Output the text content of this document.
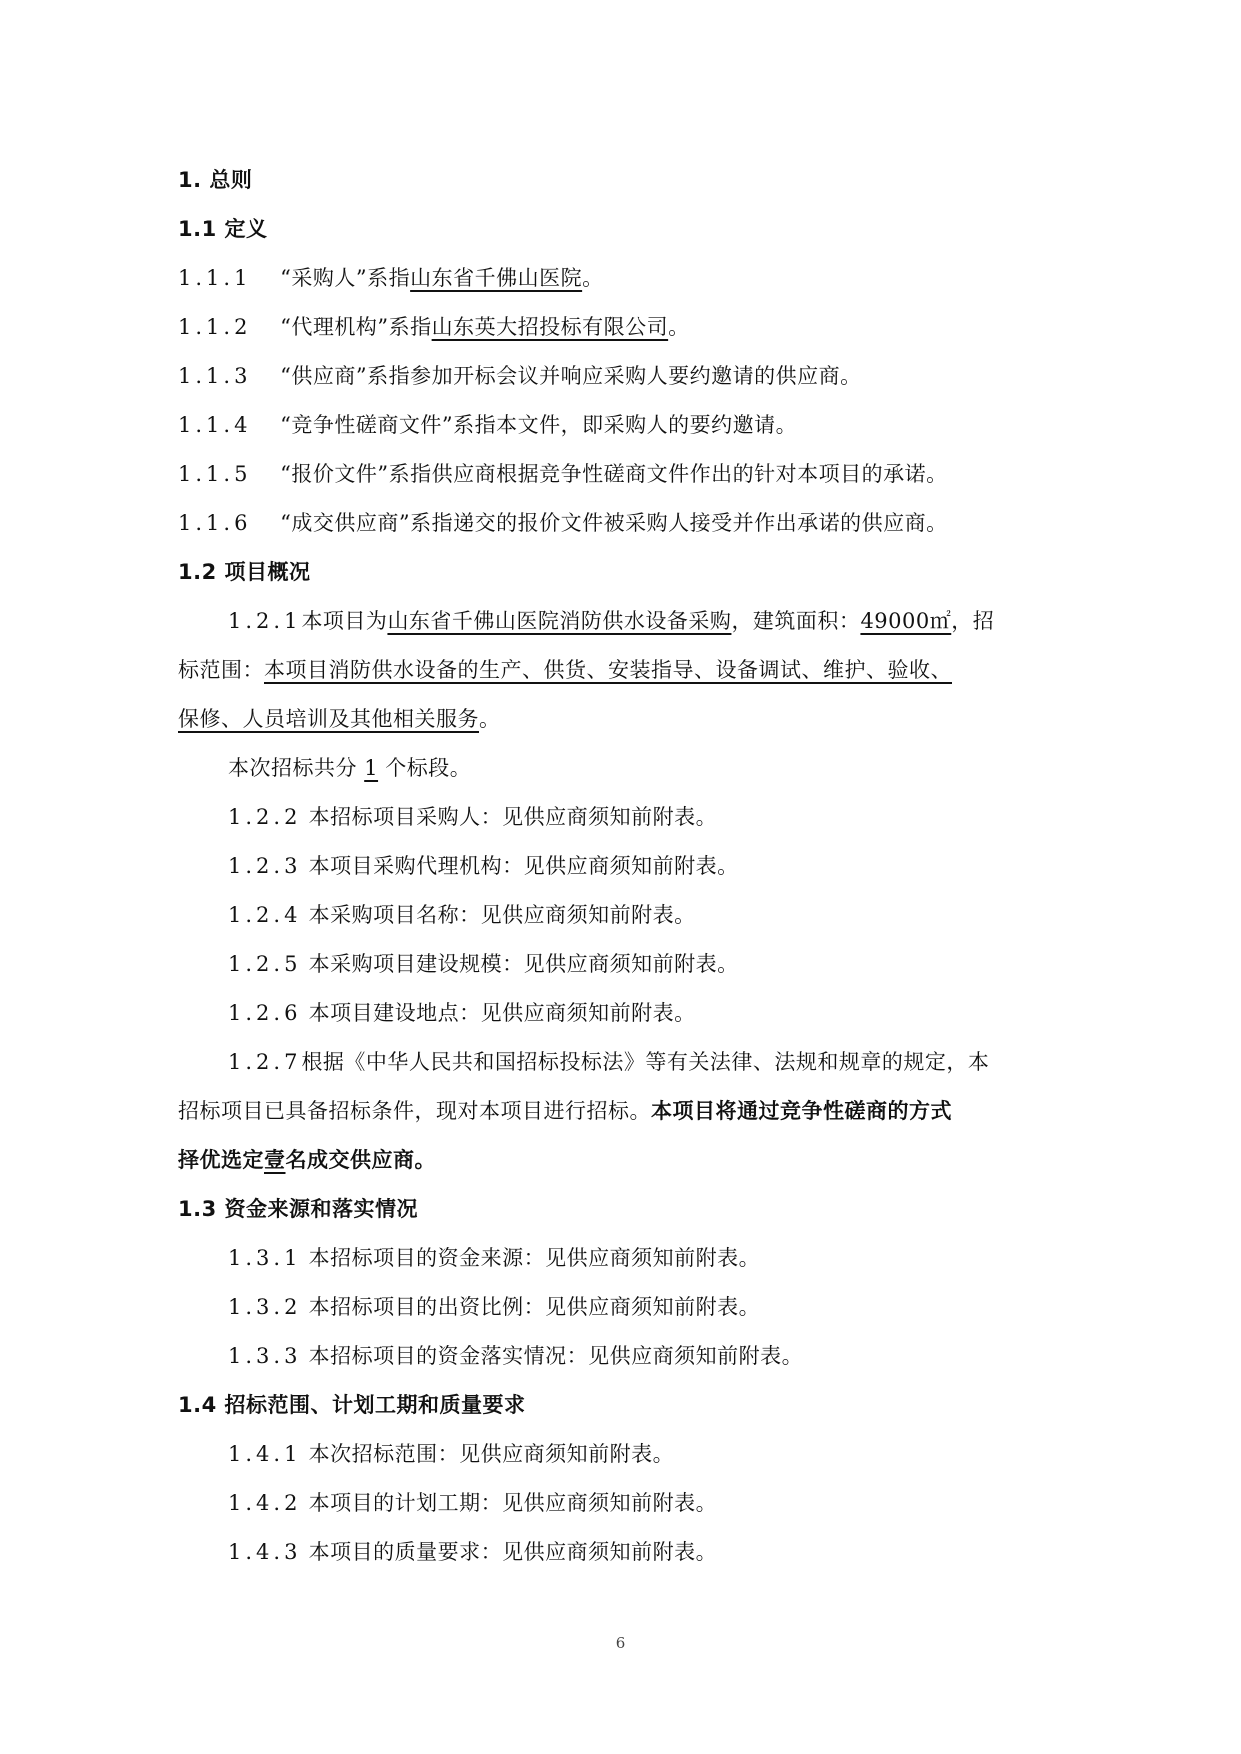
1. 总则
1.1 定义
1.1.1 “采购人”系指山东省千佛山医院。
1.1.2 “代理机构”系指山东英大招投标有限公司。
1.1.3 “供应商”系指参加开标会议并响应采购人要约邀请的供应商。
1.1.4 “竞争性磋商文件”系指本文件，即采购人的要约邀请。
1.1.5 “报价文件”系指供应商根据竞争性磋商文件作出的针对本项目的承诺。
1.1.6 “成交供应商”系指递交的报价文件被采购人接受并作出承诺的供应商。
1.2 项目概况
1.2.1本项目为山东省千佛山医院消防供水设备采购，建筑面积：49000㎡，招
标范围：本项目消防供水设备的生产、供货、安装指导、设备调试、维护、验收、
保修、人员培训及其他相关服务。
本次招标共分 1 个标段。
1.2.2 本招标项目采购人：见供应商须知前附表。
1.2.3 本项目采购代理机构：见供应商须知前附表。
1.2.4 本采购项目名称：见供应商须知前附表。
1.2.5 本采购项目建设规模：见供应商须知前附表。
1.2.6 本项目建设地点：见供应商须知前附表。
1.2.7根据《中华人民共和国招标投标法》等有关法律、法规和规章的规定，本
招标项目已具备招标条件，现对本项目进行招标。本项目将通过竞争性磋商的方式
择优选定壹名成交供应商。
1.3 资金来源和落实情况
1.3.1 本招标项目的资金来源：见供应商须知前附表。
1.3.2 本招标项目的出资比例：见供应商须知前附表。
1.3.3 本招标项目的资金落实情况：见供应商须知前附表。
1.4 招标范围、计划工期和质量要求
1.4.1 本次招标范围：见供应商须知前附表。
1.4.2 本项目的计划工期：见供应商须知前附表。
1.4.3 本项目的质量要求：见供应商须知前附表。
6
